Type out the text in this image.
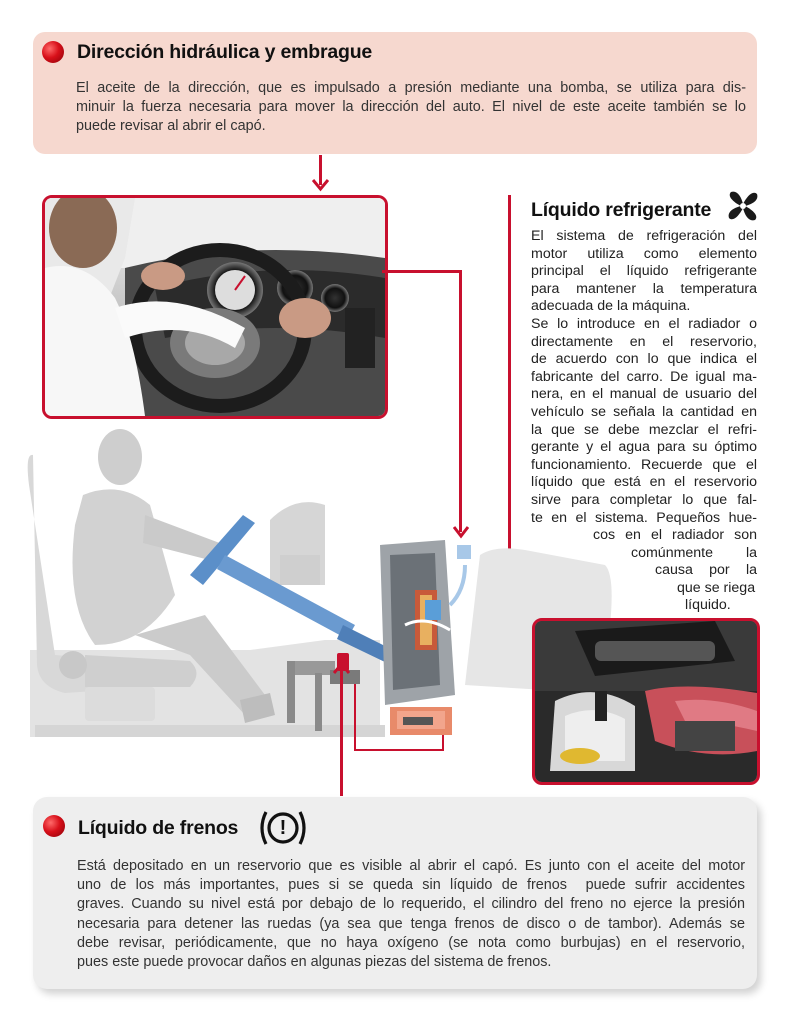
Dirección hidráulica y embrague
El aceite de la dirección, que es impulsado a presión mediante una bomba, se utiliza para dis-
minuir la fuerza necesaria para mover la dirección del auto. El nivel de este aceite también se lo
puede revisar al abrir el capó.
Líquido refrigerante
El sistema de refrigeración del
motor utiliza como elemento
principal el líquido refrigerante
para mantener la temperatura
adecuada de la máquina.
Se lo introduce en el radiador o
directamente en el reservorio,
de acuerdo con lo que indica el
fabricante del carro. De igual ma-
nera, en el manual de usuario del
vehículo se señala la cantidad en
la que se debe mezclar el refri-
gerante y el agua para su óptimo
funcionamiento. Recuerde que el
líquido que está en el reservorio
sirve para completar lo que fal-
te en el sistema. Pequeños hue-
cos en el radiador son
comúnmente la
causa por la
que se riega
líquido.
Líquido de frenos	!
Está depositado en un reservorio que es visible al abrir el capó. Es junto con el aceite del motor
uno de los más importantes, pues si se queda sin líquido de frenos  puede sufrir accidentes
graves. Cuando su nivel está por debajo de lo requerido, el cilindro del freno no ejerce la presión
necesaria para detener las ruedas (ya sea que tenga frenos de disco o de tambor). Además se
debe revisar, periódicamente, que no haya oxígeno (se nota como burbujas) en el reservorio,
pues este puede provocar daños en algunas piezas del sistema de frenos.
